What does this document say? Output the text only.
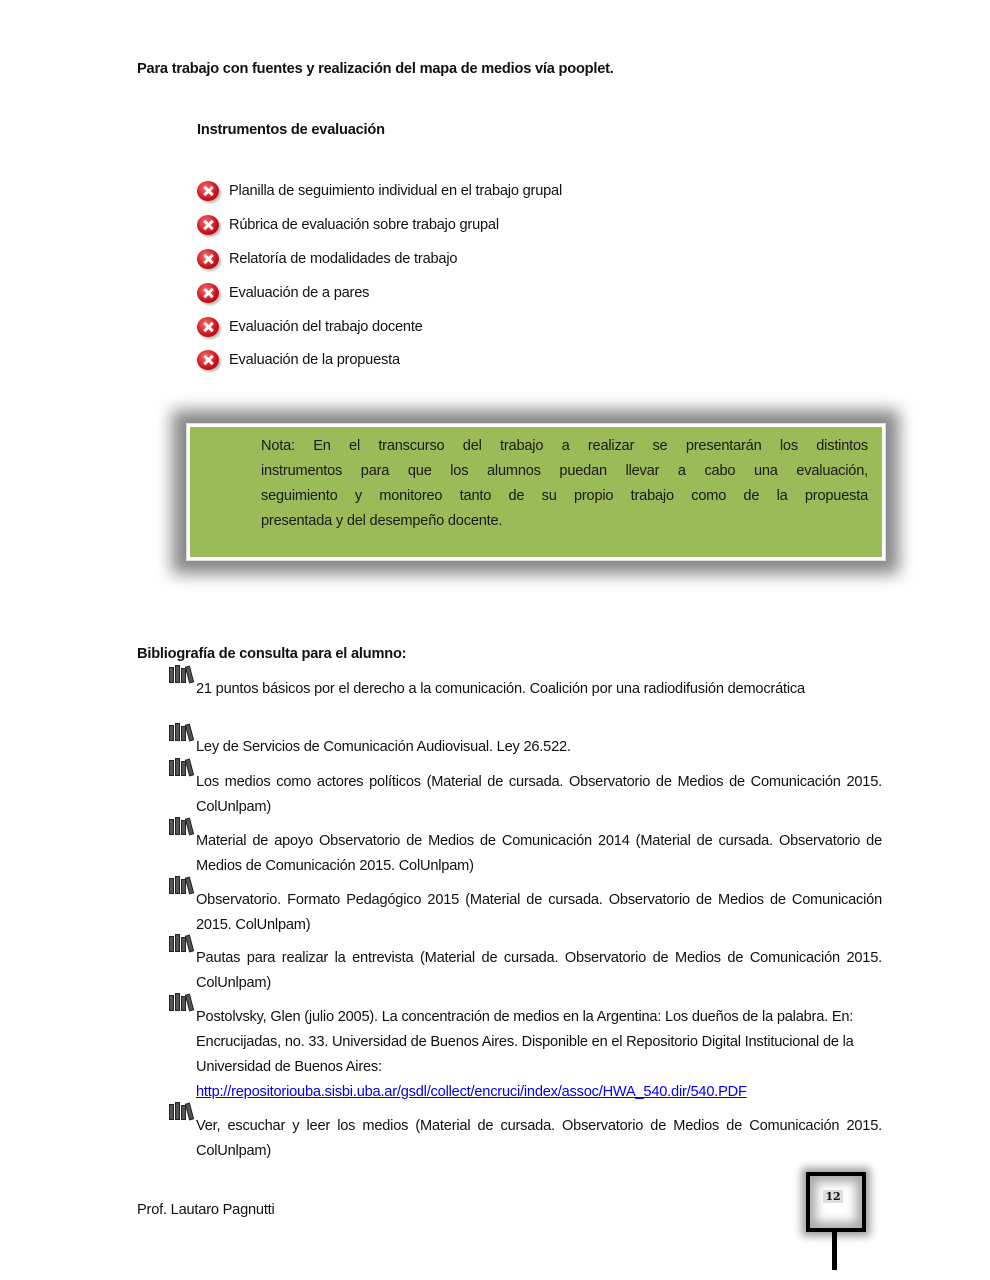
Para trabajo con fuentes y realización del mapa de medios vía pooplet.
Instrumentos de evaluación
Planilla de seguimiento individual en el trabajo grupal
Rúbrica de evaluación sobre trabajo grupal
Relatoría de modalidades de trabajo
Evaluación de a pares
Evaluación del trabajo docente
Evaluación de la propuesta
Nota: En el transcurso del trabajo a realizar se presentarán los distintos
instrumentos para que los alumnos puedan llevar a cabo una evaluación,
seguimiento y monitoreo tanto de su propio trabajo como de la propuesta
presentada y del desempeño docente.
Bibliografía de consulta para el alumno:
21 puntos básicos por el derecho a la comunicación. Coalición por una radiodifusión democrática
Ley de Servicios de Comunicación Audiovisual. Ley 26.522.
Los medios como actores políticos (Material de cursada. Observatorio de Medios de Comunicación 2015. ColUnlpam)
Material de apoyo Observatorio de Medios de Comunicación 2014 (Material de cursada. Observatorio de Medios de Comunicación 2015. ColUnlpam)
Observatorio. Formato Pedagógico 2015 (Material de cursada. Observatorio de Medios de Comunicación 2015. ColUnlpam)
Pautas para realizar la entrevista (Material de cursada. Observatorio de Medios de Comunicación 2015. ColUnlpam)
Postolvsky, Glen (julio 2005). La concentración de medios en la Argentina: Los dueños de la palabra. En: Encrucijadas, no. 33. Universidad de Buenos Aires. Disponible en el Repositorio Digital Institucional de la Universidad de Buenos Aires:
http://repositoriouba.sisbi.uba.ar/gsdl/collect/encruci/index/assoc/HWA_540.dir/540.PDF
Ver, escuchar y leer los medios (Material de cursada. Observatorio de Medios de Comunicación 2015. ColUnlpam)
Prof. Lautaro Pagnutti
12
